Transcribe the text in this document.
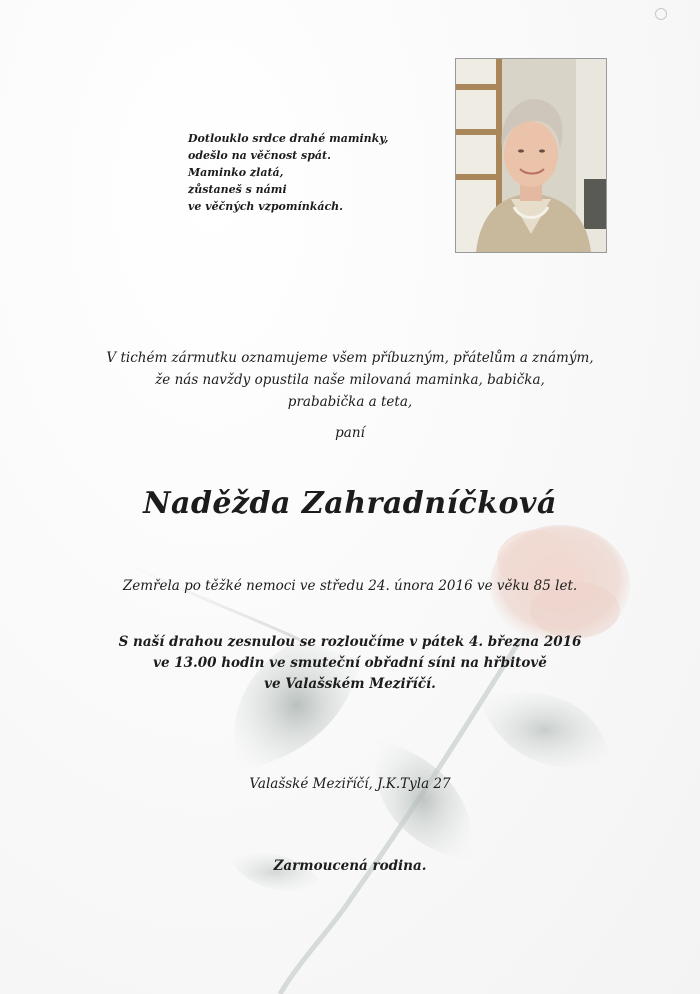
Dotlouklo srdce drahé maminky,
odešlo na věčnost spát.
Maminko zlatá,
zůstaneš s námi
ve věčných vzpomínkách.
V tichém zármutku oznamujeme všem příbuzným, přátelům a známým,
že nás navždy opustila naše milovaná maminka, babička,
prababička a teta,
paní
Naděžda Zahradníčková
Zemřela po těžké nemoci ve středu 24. února 2016 ve věku 85 let.
S naší drahou zesnulou se rozloučíme v pátek 4. března 2016
ve 13.00 hodin ve smuteční obřadní síni na hřbitově
ve Valašském Meziříčí.
Valašské Meziříčí, J.K.Tyla 27
Zarmoucená rodina.
